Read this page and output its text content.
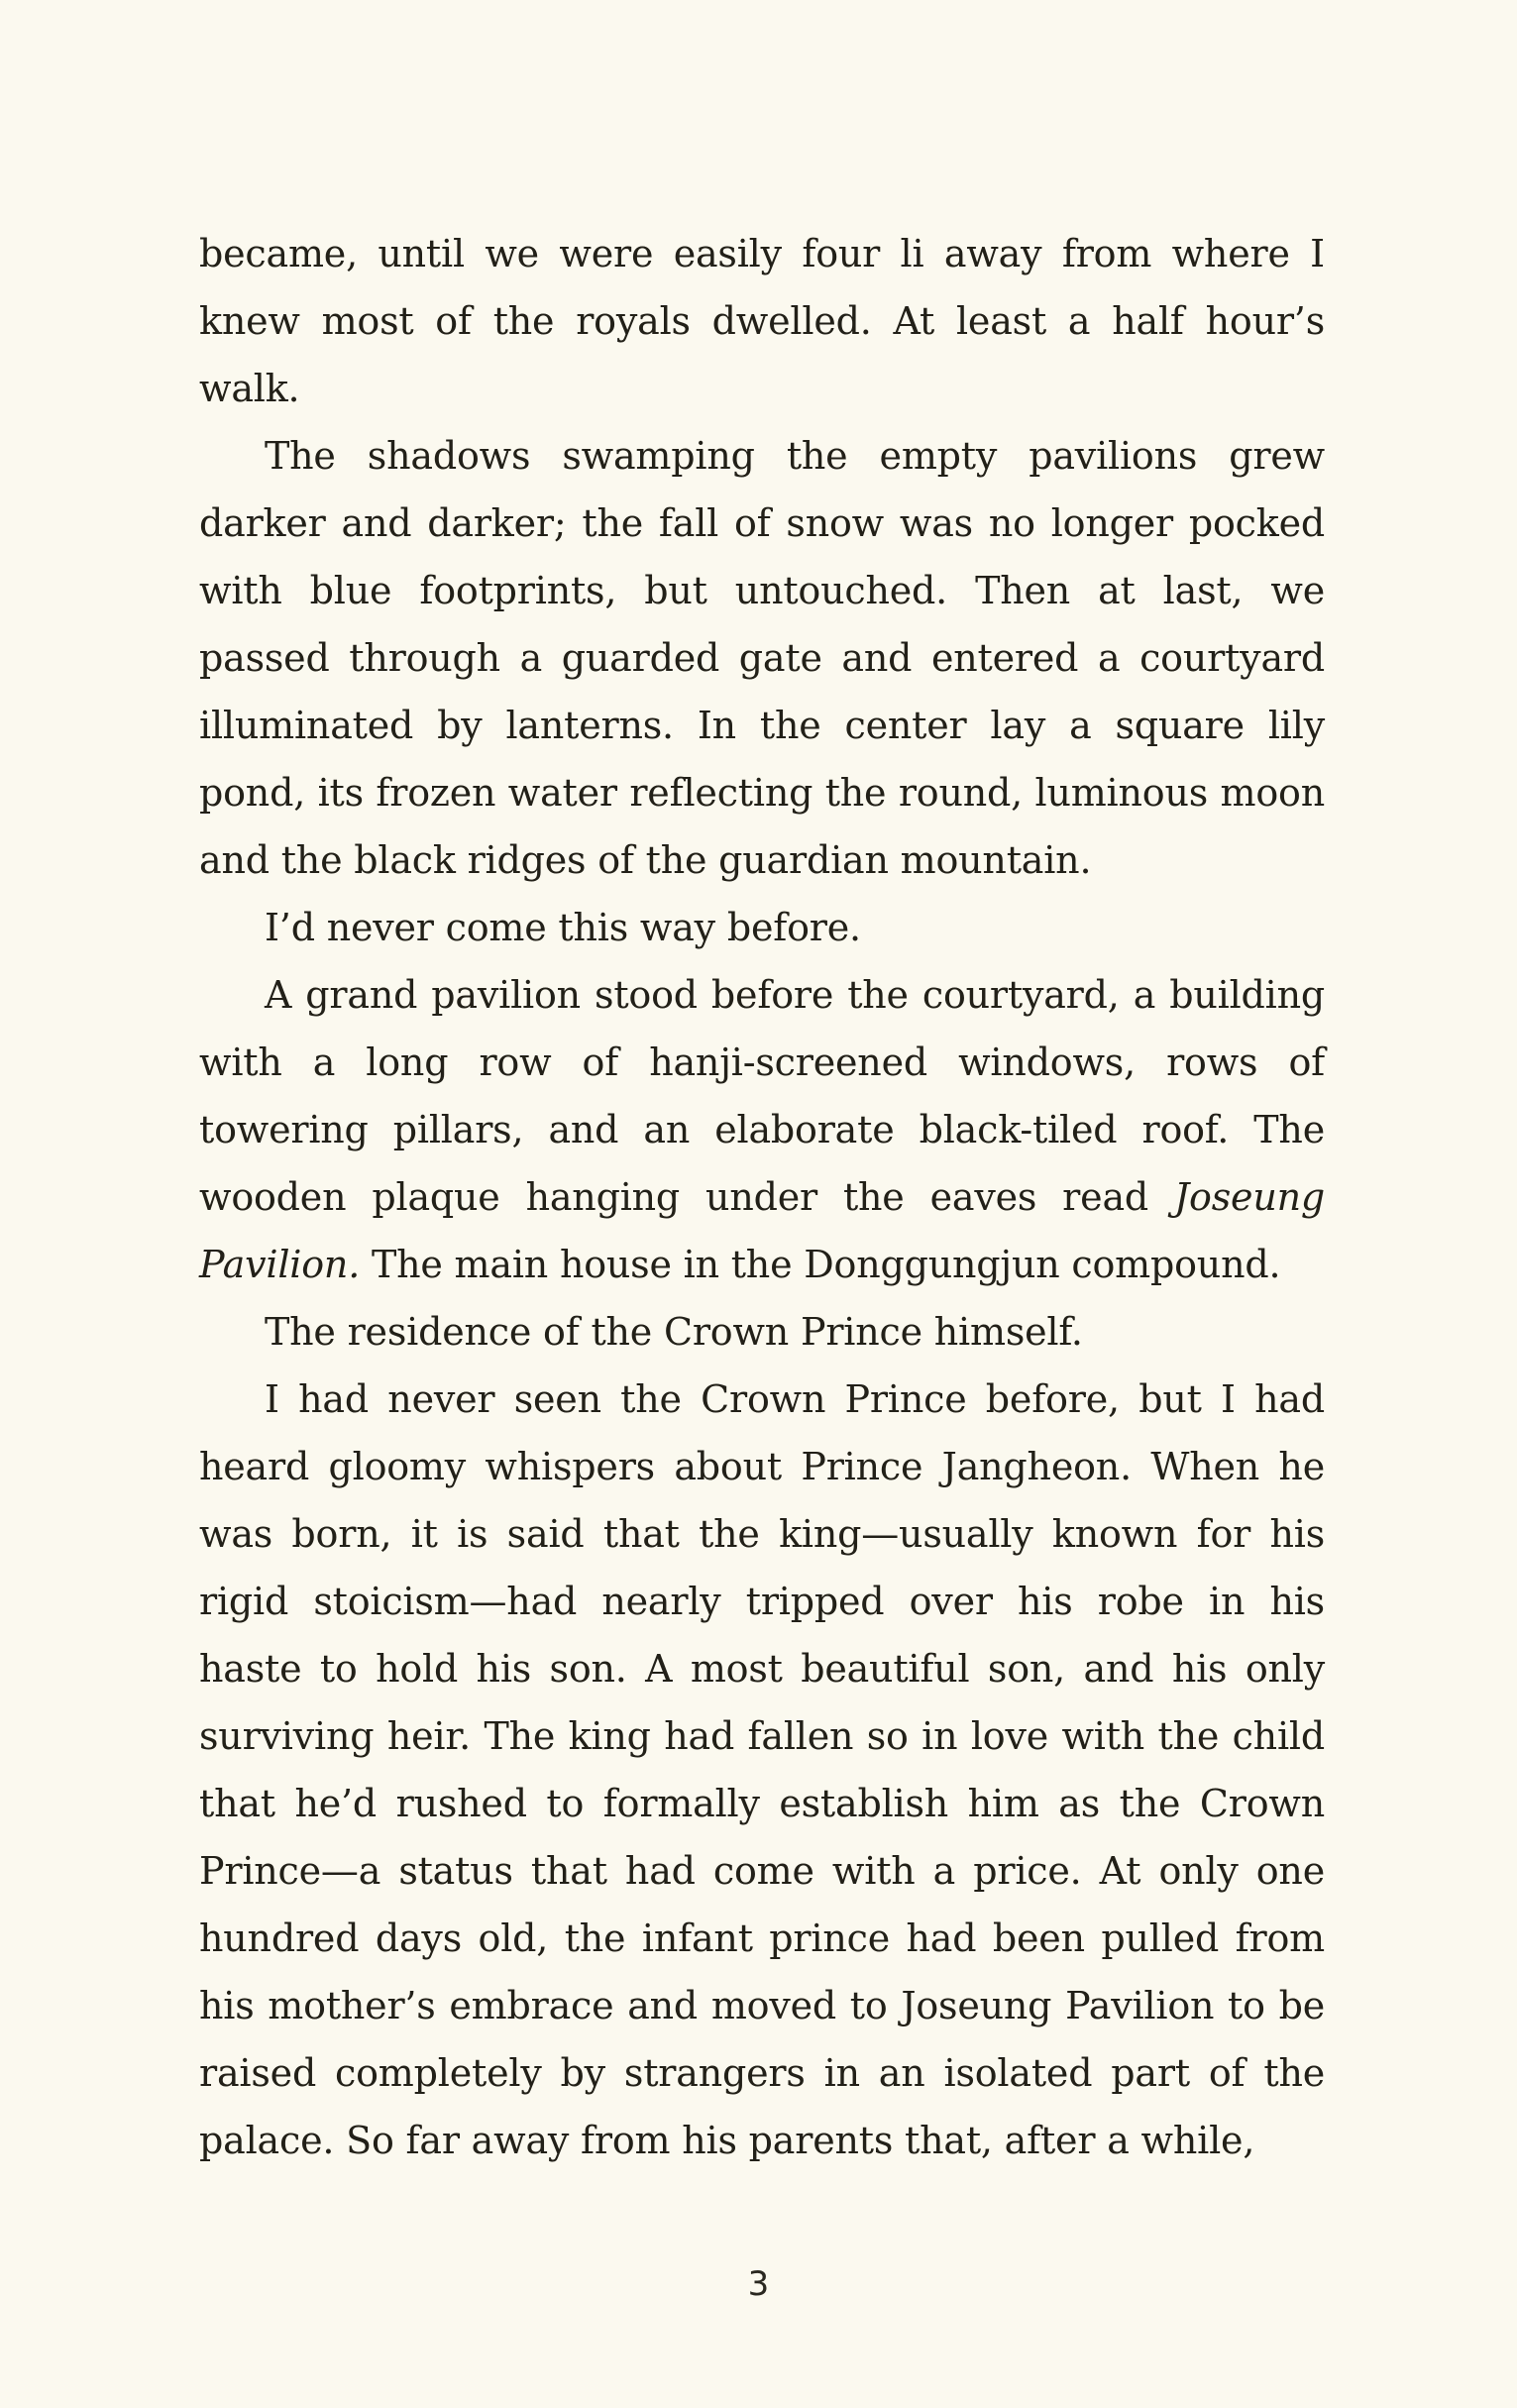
became, until we were easily four li away from where I knew most of the royals dwelled. At least a half hour’s walk.

The shadows swamping the empty pavilions grew darker and darker; the fall of snow was no longer pocked with blue footprints, but untouched. Then at last, we passed through a guarded gate and entered a courtyard illuminated by lanterns. In the center lay a square lily pond, its frozen water reflecting the round, luminous moon and the black ridges of the guardian mountain.

I’d never come this way before.

A grand pavilion stood before the courtyard, a building with a long row of hanji-screened windows, rows of towering pillars, and an elaborate black-tiled roof. The wooden plaque hanging under the eaves read Joseung Pavilion. The main house in the Donggungjun compound.

The residence of the Crown Prince himself.

I had never seen the Crown Prince before, but I had heard gloomy whispers about Prince Jangheon. When he was born, it is said that the king—usually known for his rigid stoicism—had nearly tripped over his robe in his haste to hold his son. A most beautiful son, and his only surviving heir. The king had fallen so in love with the child that he’d rushed to formally establish him as the Crown Prince—a status that had come with a price. At only one hundred days old, the infant prince had been pulled from his mother’s embrace and moved to Joseung Pavilion to be raised completely by strangers in an isolated part of the palace. So far away from his parents that, after a while,

3
